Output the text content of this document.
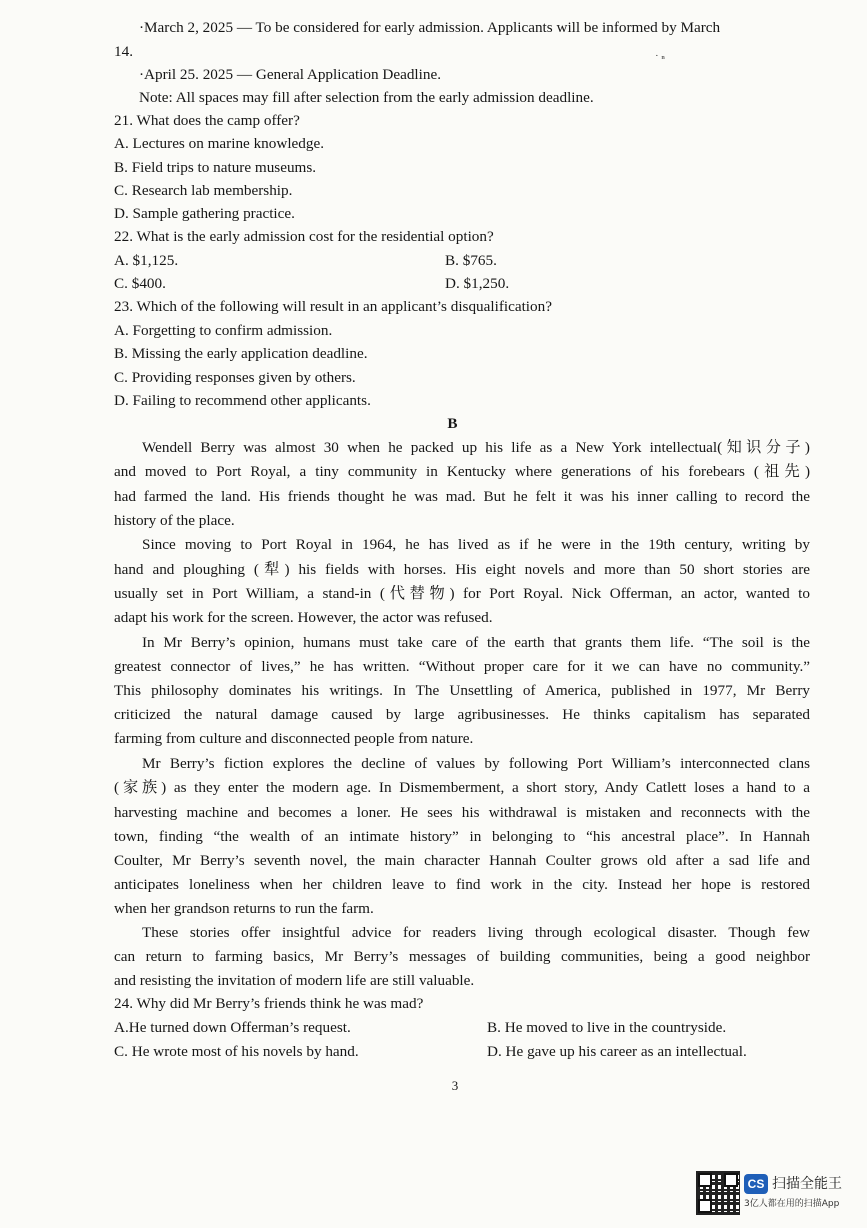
·March 2, 2025 — To be considered for early admission. Applicants will be informed by March
14.	˙ ⁿ
·April 25. 2025 — General Application Deadline.
Note: All spaces may fill after selection from the early admission deadline.
21. What does the camp offer?
A. Lectures on marine knowledge.
B. Field trips to nature museums.
C. Research lab membership.
D. Sample gathering practice.
22. What is the early admission cost for the residential option?
A. $1,125.	B. $765.
C. $400.	D. $1,250.
23. Which of the following will result in an applicant’s disqualification?
A. Forgetting to confirm admission.
B. Missing the early application deadline.
C. Providing responses given by others.
D. Failing to recommend other applicants.
B
Wendell Berry was almost 30 when he packed up his life as a New York intellectual(知识分子)
and moved to Port Royal, a tiny community in Kentucky where generations of his forebears (祖先)
had farmed the land. His friends thought he was mad. But he felt it was his inner calling to record the
history of the place.
Since moving to Port Royal in 1964, he has lived as if he were in the 19th century, writing by
hand and ploughing (犁) his fields with horses. His eight novels and more than 50 short stories are
usually set in Port William, a stand-in (代替物) for Port Royal. Nick Offerman, an actor, wanted to
adapt his work for the screen. However, the actor was refused.
In Mr Berry’s opinion, humans must take care of the earth that grants them life. “The soil is the
greatest connector of lives,” he has written. “Without proper care for it we can have no community.”
This philosophy dominates his writings. In The Unsettling of America, published in 1977, Mr Berry
criticized the natural damage caused by large agribusinesses. He thinks capitalism has separated
farming from culture and disconnected people from nature.
Mr Berry’s fiction explores the decline of values by following Port William’s interconnected clans
(家族) as they enter the modern age. In Dismemberment, a short story, Andy Catlett loses a hand to a
harvesting machine and becomes a loner. He sees his withdrawal is mistaken and reconnects with the
town, finding “the wealth of an intimate history” in belonging to “his ancestral place”. In Hannah
Coulter, Mr Berry’s seventh novel, the main character Hannah Coulter grows old after a sad life and
anticipates loneliness when her children leave to find work in the city. Instead her hope is restored
when her grandson returns to run the farm.
These stories offer insightful advice for readers living through ecological disaster. Though few
can return to farming basics, Mr Berry’s messages of building communities, being a good neighbor
and resisting the invitation of modern life are still valuable.
24. Why did Mr Berry’s friends think he was mad?
A.He turned down Offerman’s request.	B. He moved to live in the countryside.
C. He wrote most of his novels by hand.	D. He gave up his career as an intellectual.
3
CS 扫描全能王
3亿人都在用的扫描App
